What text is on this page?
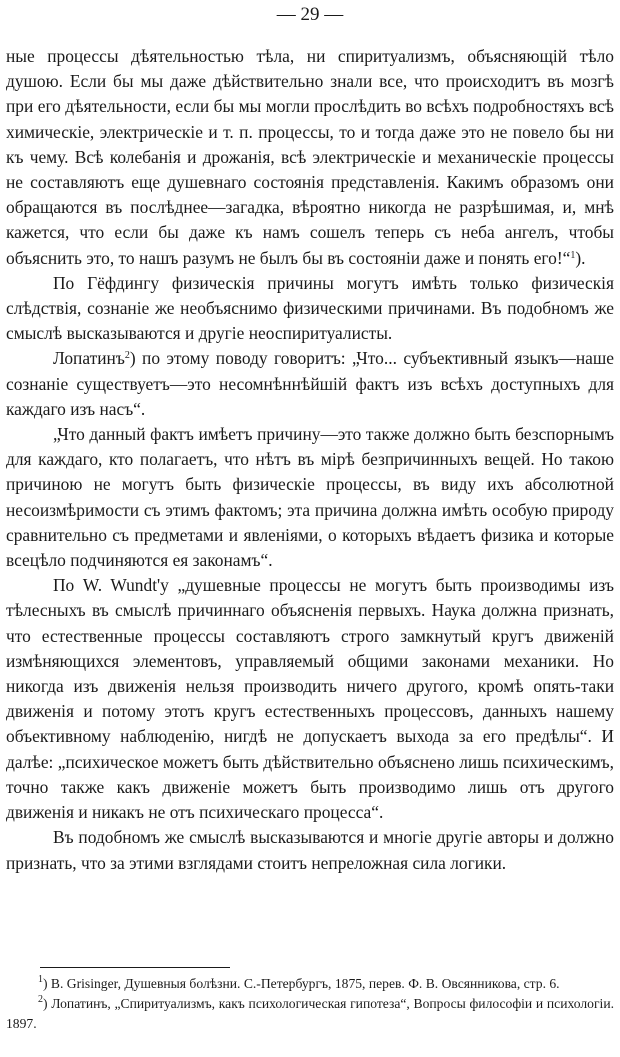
— 29 —

ные процессы дѣятельностью тѣла, ни спиритуализмъ, объясняющій тѣло душою. Если бы мы даже дѣйствительно знали все, что происходитъ въ мозгѣ при его дѣятельности, если бы мы могли прослѣдить во всѣхъ подробностяхъ всѣ химическіе, электрическіе и т. п. процессы, то и тогда даже это не повело бы ни къ чему. Всѣ колебанія и дрожанія, всѣ электрическіе и механическіе процессы не составляютъ еще душевнаго состоянія представленія. Какимъ образомъ они обращаются въ послѣднее—загадка, вѣроятно никогда не разрѣшимая, и, мнѣ кажется, что если бы даже къ намъ сошелъ теперь съ неба ангелъ, чтобы объяснить это, то нашъ разумъ не былъ бы въ состояніи даже и понять его!“$^1$).

По Гёфдингу физическія причины могутъ имѣть только физическія слѣдствія, сознаніе же необъяснимо физическими причинами. Въ подобномъ же смыслѣ высказываются и другіе неоспиритуалисты.

Лопатинъ$^2$) по этому поводу говоритъ: „Что... субъективный языкъ—наше сознаніе существуетъ—это несомнѣннѣйшій фактъ изъ всѣхъ доступныхъ для каждаго изъ насъ“.

„Что данный фактъ имѣетъ причину—это также должно быть безспорнымъ для каждаго, кто полагаетъ, что нѣтъ въ мірѣ безпричинныхъ вещей. Но такою причиною не могутъ быть физическіе процессы, въ виду ихъ абсолютной несоизмѣримости съ этимъ фактомъ; эта причина должна имѣть особую природу сравнительно съ предметами и явленіями, о которыхъ вѣдаетъ физика и которые всецѣло подчиняются ея законамъ“.

По W. Wundt'у „душевные процессы не могутъ быть производимы изъ тѣлесныхъ въ смыслѣ причиннаго объясненія первыхъ. Наука должна признать, что естественные процессы составляютъ строго замкнутый кругъ движеній измѣняющихся элементовъ, управляемый общими законами механики. Но никогда изъ движенія нельзя производить ничего другого, кромѣ опять-таки движенія и потому этотъ кругъ естественныхъ процессовъ, данныхъ нашему объективному наблюденію, нигдѣ не допускаетъ выхода за его предѣлы“. И далѣе: „психическое можетъ быть дѣйствительно объяснено лишь психическимъ, точно также какъ движеніе можетъ быть производимо лишь отъ другого движенія и никакъ не отъ психическаго процесса“.

Въ подобномъ же смыслѣ высказываются и многіе другіе авторы и должно признать, что за этими взглядами стоитъ непреложная сила логики.

$^1$) В. Grisinger, Душевныя болѣзни. С.-Петербургъ, 1875, перев. Ф. В. Овсянникова, стр. 6.

$^2$) Лопатинъ, „Спиритуализмъ, какъ психологическая гипотеза“, Вопросы философіи и психологіи. 1897.
